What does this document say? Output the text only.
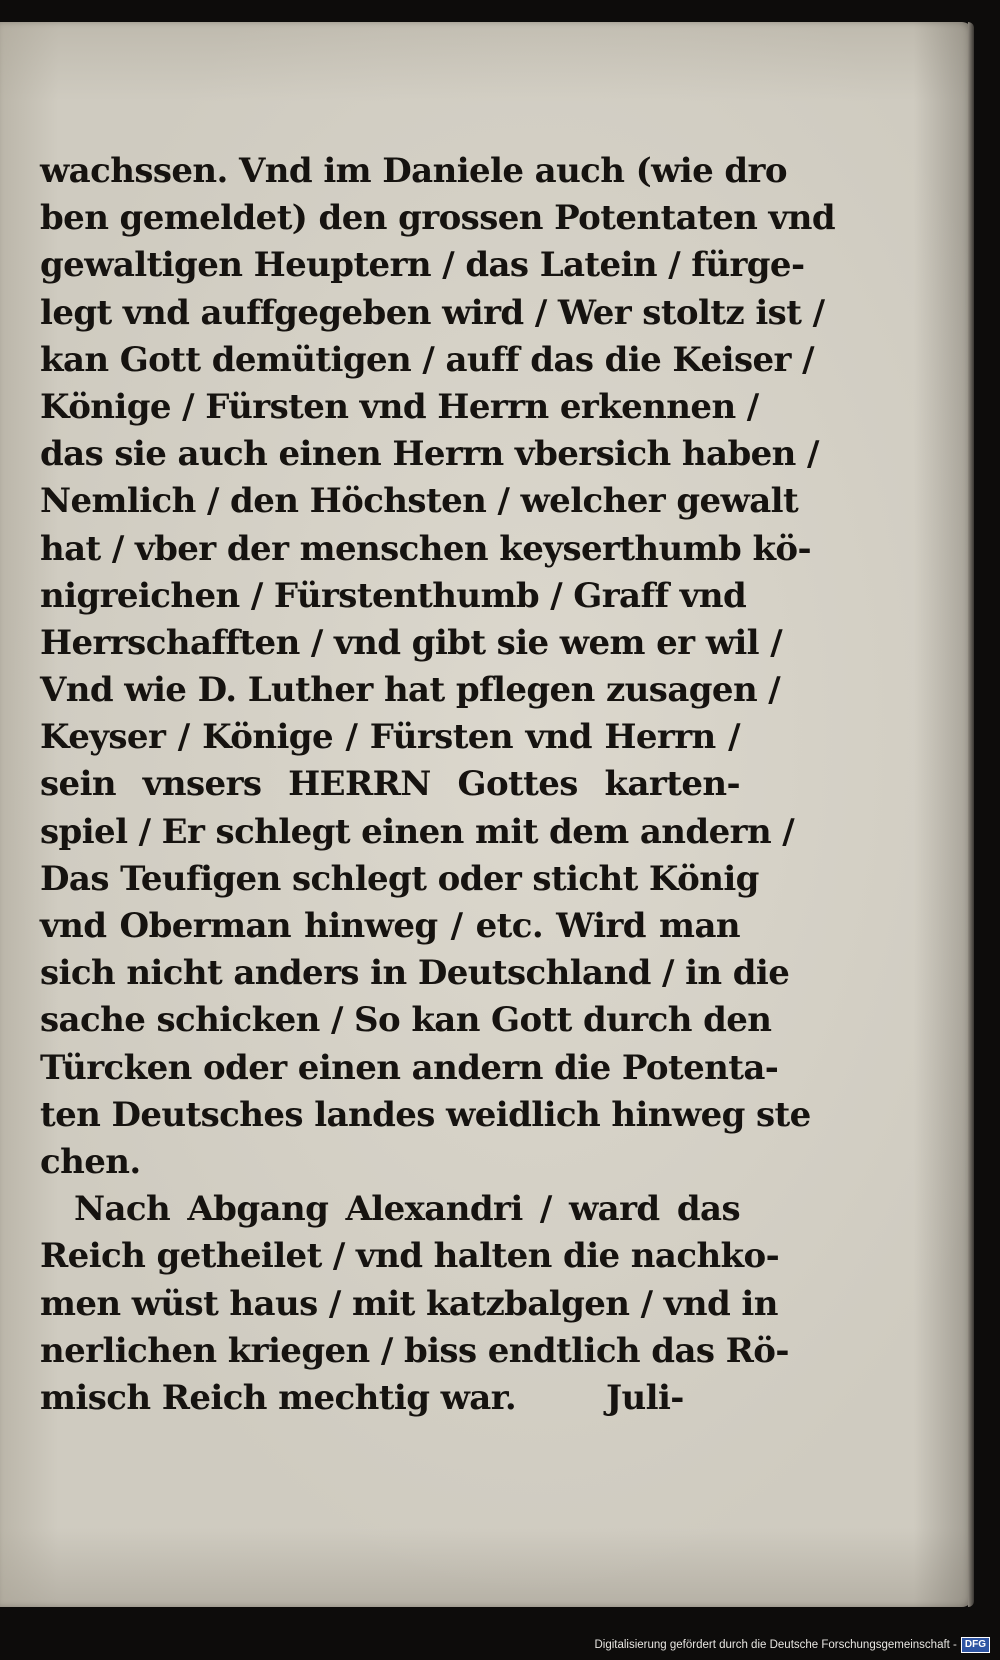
wachssen. Vnd im Daniele auch (wie dro
ben gemeldet) den grossen Potentaten vnd
gewaltigen Heuptern / das Latein / fürge-
legt vnd auffgegeben wird / Wer stoltz ist /
kan Gott demütigen / auff das die Keiser /
Könige / Fürsten vnd Herrn erkennen /
das sie auch einen Herrn vbersich haben /
Nemlich / den Höchsten / welcher gewalt
hat / vber der menschen keyserthumb kö-
nigreichen / Fürstenthumb / Graff vnd
Herrschafften / vnd gibt sie wem er wil /
Vnd wie D. Luther hat pflegen zusagen /
Keyser / Könige / Fürsten vnd Herrn /
sein vnsers HERRN Gottes karten-
spiel / Er schlegt einen mit dem andern /
Das Teufigen schlegt oder sticht König
vnd Oberman hinweg / etc. Wird man
sich nicht anders in Deutschland / in die
sache schicken / So kan Gott durch den
Türcken oder einen andern die Potenta-
ten Deutsches landes weidlich hinweg ste
chen.
Nach Abgang Alexandri / ward das
Reich getheilet / vnd halten die nachko-
men wüst haus / mit katzbalgen / vnd in
nerlichen kriegen / biss endtlich das Rö-
misch Reich mechtig war.        Juli-
Digitalisierung gefördert durch die Deutsche Forschungsgemeinschaft - DFG
